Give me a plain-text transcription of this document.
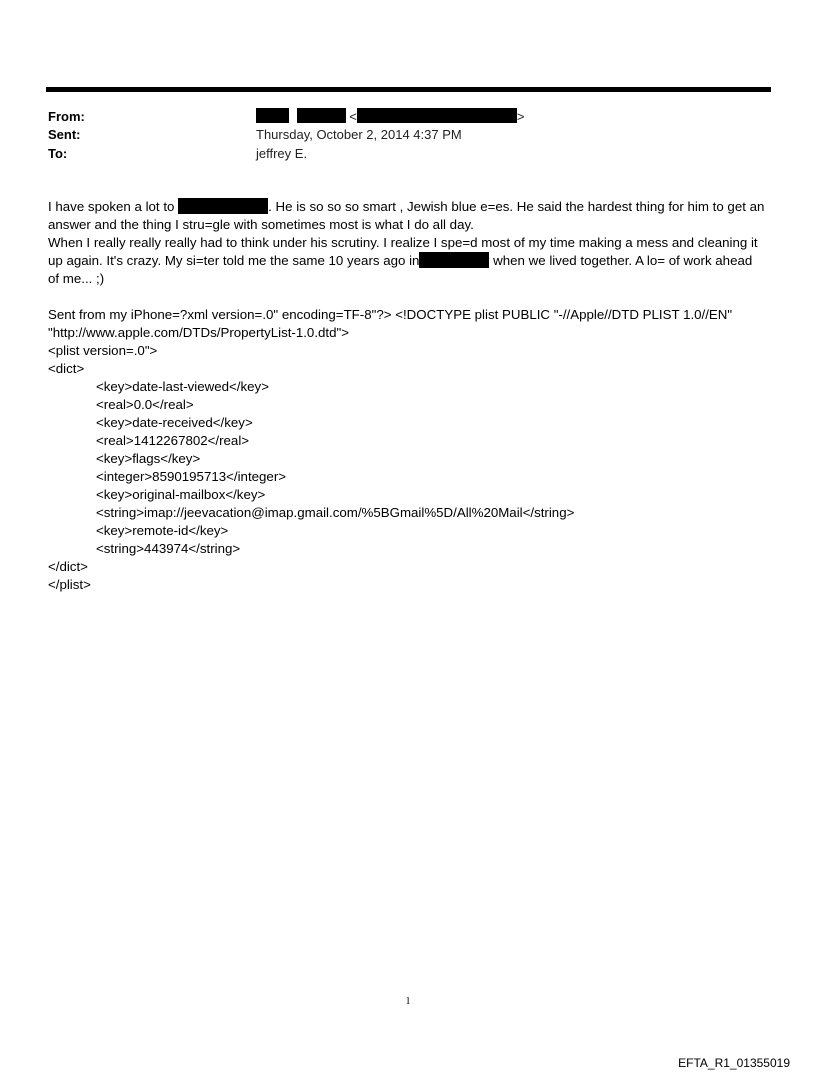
From:	<	>
Sent:	Thursday, October 2, 2014 4:37 PM
To:	jeffrey E.
I have spoken a lot to	. He is so so so smart , Jewish blue e=es. He said the hardest thing for him to get an
answer and the thing I stru=gle with sometimes most is what I do all day.
When I really really really had to think under his scrutiny. I realize I spe=d most of my time making a mess and cleaning it
up again. It's crazy. My si=ter told me the same 10 years ago in	when we lived together. A lo= of work ahead
of me... ;)
Sent from my iPhone=?xml version=.0" encoding=TF-8"?> <!DOCTYPE plist PUBLIC "-//Apple//DTD PLIST 1.0//EN"
"http://www.apple.com/DTDs/PropertyList-1.0.dtd">
<plist version=.0">
<dict>
<key>date-last-viewed</key>
<real>0.0</real>
<key>date-received</key>
<real>1412267802</real>
<key>flags</key>
<integer>8590195713</integer>
<key>original-mailbox</key>
<string>imap://jeevacation@imap.gmail.com/%5BGmail%5D/All%20Mail</string>
<key>remote-id</key>
<string>443974</string>
</dict>
</plist>
1
EFTA_R1_01355019
